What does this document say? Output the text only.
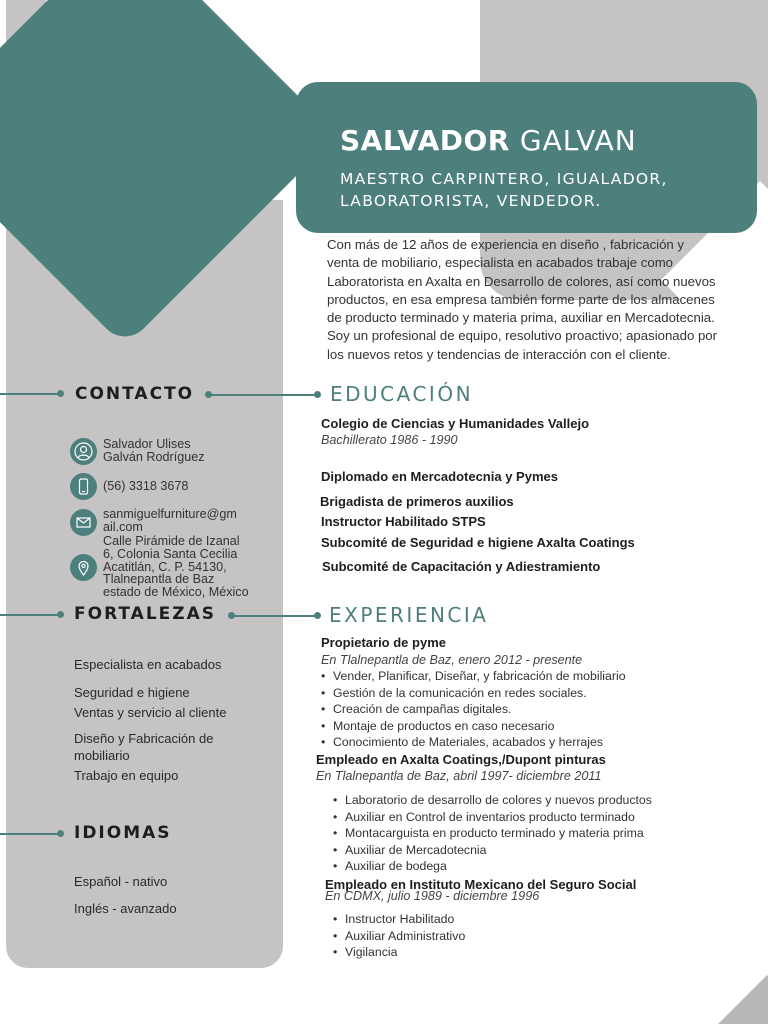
SALVADOR GALVAN
MAESTRO CARPINTERO, IGUALADOR,
LABORATORISTA, VENDEDOR.

Con más de 12 años de experiencia en diseño , fabricación y venta de mobiliario, especialista en acabados trabaje como Laboratorista en Axalta en Desarrollo de colores, así como nuevos productos, en esa empresa también forme parte de los almacenes de producto terminado y materia prima, auxiliar en Mercadotecnia. Soy un profesional de equipo, resolutivo proactivo; apasionado por los nuevos retos y tendencias de interacción con el cliente.

CONTACTO	EDUCACIÓN
Salvador Ulises
Galván Rodríguez
(56) 3318 3678
sanmiguelfurniture@gm
ail.com
Calle Pirámide de Izanal
6, Colonia Santa Cecilia
Acatitlán, C. P. 54130,
Tlalnepantla de Baz
estado de México, México
Colegio de Ciencias y Humanidades Vallejo
Bachillerato 1986 - 1990
Diplomado en Mercadotecnia y Pymes
Brigadista de primeros auxilios
Instructor Habilitado STPS
Subcomité de Seguridad e higiene Axalta Coatings
Subcomité de Capacitación y Adiestramiento
FORTALEZAS	EXPERIENCIA
Especialista en acabados
Seguridad e higiene
Ventas y servicio al cliente
Diseño y Fabricación de mobiliario
Trabajo en equipo
IDIOMAS
Español - nativo
Inglés - avanzado
Propietario de pyme
En Tlalnepantla de Baz, enero 2012 - presente
• Vender, Planificar, Diseñar, y fabricación de mobiliario
• Gestión de la comunicación en redes sociales.
• Creación de campañas digitales.
• Montaje de productos en caso necesario
• Conocimiento de Materiales, acabados y herrajes
Empleado en Axalta Coatings,/Dupont pinturas
En Tlalnepantla de Baz, abril 1997- diciembre 2011
• Laboratorio de desarrollo de colores y nuevos productos
• Auxiliar en Control de inventarios producto terminado
• Montacarguista en producto terminado y materia prima
• Auxiliar de Mercadotecnia
• Auxiliar de bodega
Empleado en Instituto Mexicano del Seguro Social
En CDMX, julio 1989 - diciembre 1996
• Instructor Habilitado
• Auxiliar Administrativo
• Vigilancia
